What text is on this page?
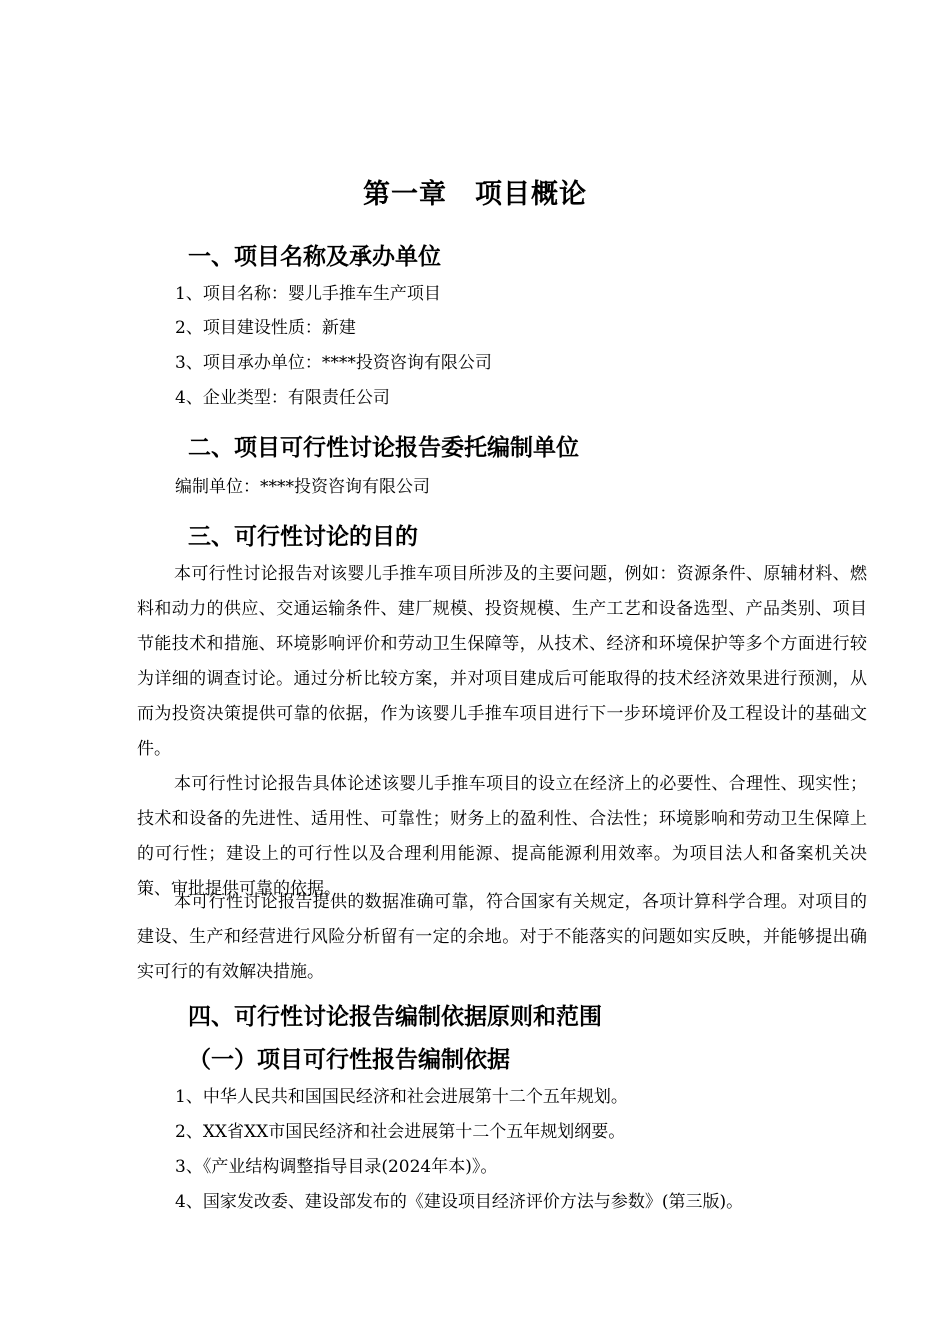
第一章　项目概论
一、项目名称及承办单位
1、项目名称：婴儿手推车生产项目
2、项目建设性质：新建
3、项目承办单位：****投资咨询有限公司
4、企业类型：有限责任公司
二、项目可行性讨论报告委托编制单位
编制单位：****投资咨询有限公司
三、可行性讨论的目的

本可行性讨论报告对该婴儿手推车项目所涉及的主要问题，例如：资源条件、原辅材料、燃料和动力的供应、交通运输条件、建厂规模、投资规模、生产工艺和设备选型、产品类别、项目节能技术和措施、环境影响评价和劳动卫生保障等，从技术、经济和环境保护等多个方面进行较为详细的调查讨论。通过分析比较方案，并对项目建成后可能取得的技术经济效果进行预测，从而为投资决策提供可靠的依据，作为该婴儿手推车项目进行下一步环境评价及工程设计的基础文件。

本可行性讨论报告具体论述该婴儿手推车项目的设立在经济上的必要性、合理性、现实性；技术和设备的先进性、适用性、可靠性；财务上的盈利性、合法性；环境影响和劳动卫生保障上的可行性；建设上的可行性以及合理利用能源、提高能源利用效率。为项目法人和备案机关决策、审批提供可靠的依据。

本可行性讨论报告提供的数据准确可靠，符合国家有关规定，各项计算科学合理。对项目的建设、生产和经营进行风险分析留有一定的余地。对于不能落实的问题如实反映，并能够提出确实可行的有效解决措施。

四、可行性讨论报告编制依据原则和范围
（一）项目可行性报告编制依据
1、中华人民共和国国民经济和社会进展第十二个五年规划。
2、XX省XX市国民经济和社会进展第十二个五年规划纲要。
3、《产业结构调整指导目录(2024年本)》。
4、国家发改委、建设部发布的《建设项目经济评价方法与参数》(第三版)。
